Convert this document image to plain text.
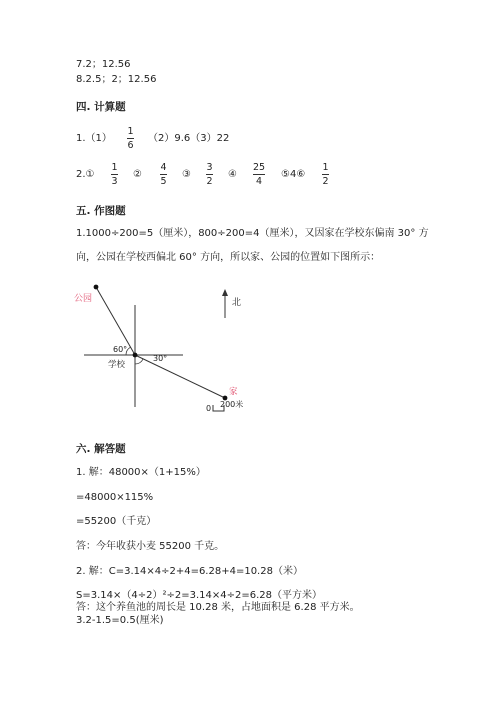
7.2；12.56
8.2.5；2；12.56
四. 计算题
1.（1）
1
6
（2）9.6（3）22
2.①
1
3
②
4
5
③
3
2
④
25
4
⑤4⑥
1
2
五. 作图题
1.1000÷200=5（厘米），800÷200=4（厘米），又因家在学校东偏南 30° 方
向，公园在学校西偏北 60° 方向，所以家、公园的位置如下图所示：
公园
学校
家
北
60°
30°
0 200米
六. 解答题
1. 解：48000×（1+15%）
=48000×115%
=55200（千克）
答：今年收获小麦 55200 千克。
2. 解：C=3.14×4÷2+4=6.28+4=10.28（米）
S=3.14×（4÷2）²÷2=3.14×4÷2=6.28（平方米）
答：这个养鱼池的周长是 10.28 米，占地面积是 6.28 平方米。
3.2-1.5=0.5(厘米)
